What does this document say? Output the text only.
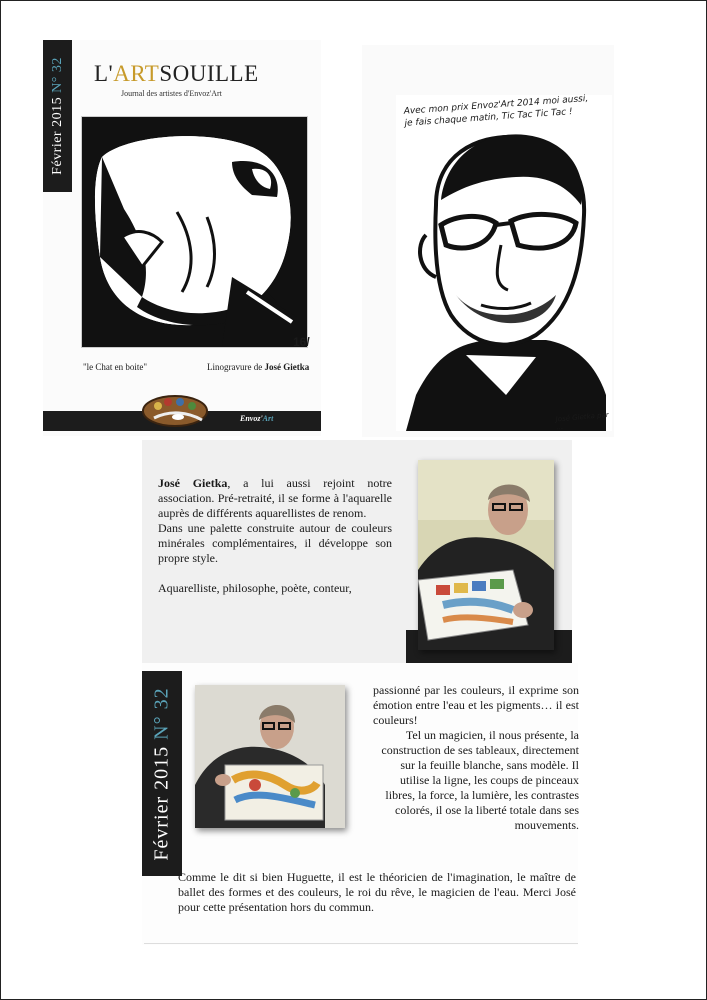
Février 2015 N° 32 L'ARTSOUILLE
Journal des artistes d'Envoz'Art
16/
"le Chat en boite"	Linogravure de José Gietka
Envoz'Art
Avec mon prix Envoz'Art 2014 moi aussi, je fais chaque matin, Tic Tac Tic Tac !
José Gietka par ...

José Gietka, a lui aussi rejoint notre association. Pré-retraité, il se forme à l'aquarelle auprès de différents aquarellistes de renom.

Dans une palette construite autour de couleurs minérales complémentaires, il développe son propre style.

Aquarelliste, philosophe, poète, conteur,

Février 2015 N° 32	passionné par les couleurs, il exprime son émotion entre l'eau et les pigments… il est couleurs!

Tel un magicien, il nous présente, la construction de ses tableaux, directement sur la feuille blanche, sans modèle. Il utilise la ligne, les coups de pinceaux libres, la force, la lumière, les contrastes colorés, il ose la liberté totale dans ses mouvements.

Comme le dit si bien Huguette, il est le théoricien de l'imagination, le maître de ballet des formes et des couleurs, le roi du rêve, le magicien de l'eau. Merci José pour cette présentation hors du commun.
